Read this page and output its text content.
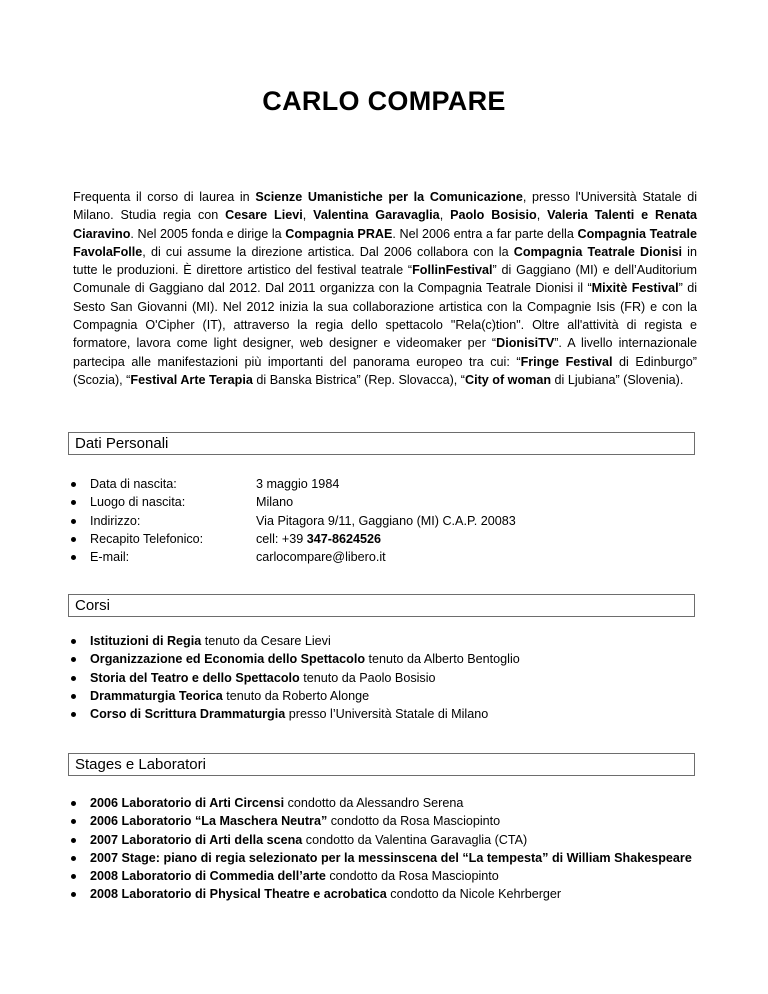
CARLO COMPARE

Frequenta il corso di laurea in Scienze Umanistiche per la Comunicazione, presso l'Università Statale di Milano. Studia regia con Cesare Lievi, Valentina Garavaglia, Paolo Bosisio, Valeria Talenti e Renata Ciaravino. Nel 2005 fonda e dirige la Compagnia PRAE. Nel 2006 entra a far parte della Compagnia Teatrale FavolaFolle, di cui assume la direzione artistica. Dal 2006 collabora con la Compagnia Teatrale Dionisi in tutte le produzioni. È direttore artistico del festival teatrale “FollinFestival” di Gaggiano (MI) e dell’Auditorium Comunale di Gaggiano dal 2012. Dal 2011 organizza con la Compagnia Teatrale Dionisi il “Mixitè Festival” di Sesto San Giovanni (MI). Nel 2012 inizia la sua collaborazione artistica con la Compagnie Isis (FR) e con la Compagnia O'Cipher (IT), attraverso la regia dello spettacolo "Rela(c)tion". Oltre all'attività di regista e formatore, lavora come light designer, web designer e videomaker per “DionisiTV”. A livello internazionale partecipa alle manifestazioni più importanti del panorama europeo tra cui: “Fringe Festival di Edinburgo” (Scozia), “Festival Arte Terapia di Banska Bistrica” (Rep. Slovacca), “City of woman di Ljubiana” (Slovenia).

Dati Personali
Data di nascita:	3 maggio 1984
Luogo di nascita:	Milano
Indirizzo:	Via Pitagora 9/11, Gaggiano (MI) C.A.P. 20083
Recapito Telefonico:	cell: +39 347-8624526
E-mail:	carlocompare@libero.it
Corsi
Istituzioni di Regia tenuto da Cesare Lievi
Organizzazione ed Economia dello Spettacolo tenuto da Alberto Bentoglio
Storia del Teatro e dello Spettacolo tenuto da Paolo Bosisio
Drammaturgia Teorica tenuto da Roberto Alonge
Corso di Scrittura Drammaturgia presso l’Università Statale di Milano
Stages e Laboratori
2006 Laboratorio di Arti Circensi condotto da Alessandro Serena
2006 Laboratorio “La Maschera Neutra” condotto da Rosa Masciopinto
2007 Laboratorio di Arti della scena condotto da Valentina Garavaglia (CTA)
2007 Stage: piano di regia selezionato per la messinscena del “La tempesta” di William Shakespeare
2008 Laboratorio di Commedia dell’arte condotto da Rosa Masciopinto
2008 Laboratorio di Physical Theatre e acrobatica condotto da Nicole Kehrberger
